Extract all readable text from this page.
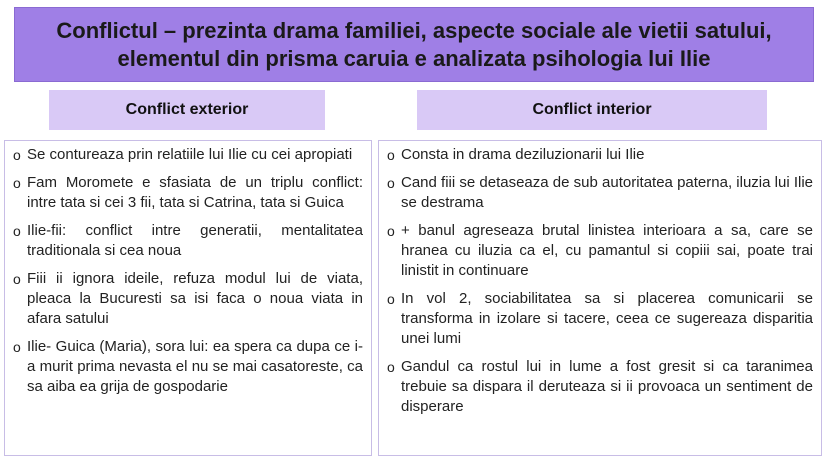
Conflictul – prezinta drama familiei, aspecte sociale ale vietii satului,
elementul din prisma caruia e analizata psihologia lui Ilie
Conflict exterior	Conflict interior
o Se contureaza prin relatiile lui Ilie cu cei apropiati
o Fam Moromete e sfasiata de un triplu conflict: intre tata si cei 3 fii, tata si Catrina, tata si Guica
o Ilie-fii: conflict intre generatii, mentalitatea traditionala si cea noua
o Fiii ii ignora ideile, refuza modul lui de viata, pleaca la Bucuresti sa isi faca o noua viata in afara satului
o Ilie- Guica (Maria), sora lui: ea spera ca dupa ce i-a murit prima nevasta el nu se mai casatoreste, ca sa aiba ea grija de gospodarie
o Consta in drama deziluzionarii lui Ilie
o Cand fiii se detaseaza de sub autoritatea paterna, iluzia lui Ilie se destrama
o + banul agreseaza brutal linistea interioara a sa, care se hranea cu iluzia ca el, cu pamantul si copiii sai, poate trai linistit in continuare
o In vol 2, sociabilitatea sa si placerea comunicarii se transforma in izolare si tacere, ceea ce sugereaza disparitia unei lumi
o Gandul ca rostul lui in lume a fost gresit si ca taranimea trebuie sa dispara il deruteaza si ii provoaca un sentiment de disperare
